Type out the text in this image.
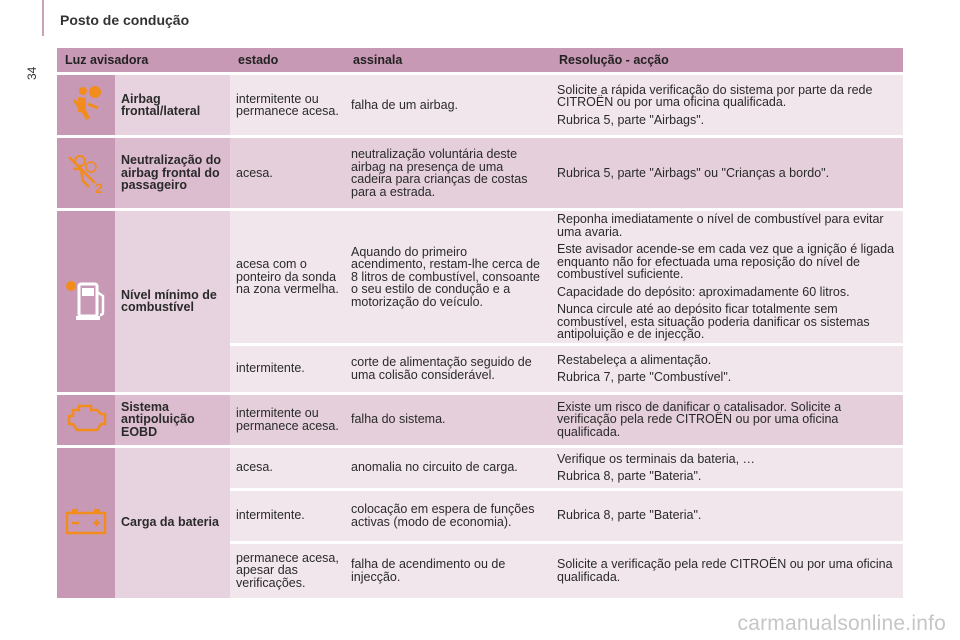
34
Posto de condução
Luz avisadora		estado	assinala	Resolução - acção
	Airbag frontal/lateral	intermitente ou permanece acesa.	falha de um airbag.	Solicite a rápida verificação do sistema por parte da rede CITROËN ou por uma oficina qualificada.

Rubrica 5, parte "Airbags".

2	Neutralização do airbag frontal do passageiro	acesa.	neutralização voluntária deste airbag na presença de uma cadeira para crianças de costas para a estrada.	Rubrica 5, parte "Airbags" ou "Crianças a bordo".

	Nível mínimo de combustível	acesa com o ponteiro da sonda na zona vermelha.	Aquando do primeiro acendimento, restam-lhe cerca de 8 litros de combustível, consoante o seu estilo de condução e a motorização do veículo.	Reponha imediatamente o nível de combustível para evitar uma avaria.

Este avisador acende-se em cada vez que a ignição é ligada enquanto não for efectuada uma reposição do nível de combustível suficiente.

Capacidade do depósito: aproximadamente 60 litros.

Nunca circule até ao depósito ficar totalmente sem combustível, esta situação poderia danificar os sistemas antipoluição e de injecção.

		intermitente.	corte de alimentação seguido de uma colisão considerável.	Restabeleça a alimentação.

Rubrica 7, parte "Combustível".

	Sistema antipoluição EOBD	intermitente ou permanece acesa.	falha do sistema.	Existe um risco de danificar o catalisador. Solicite a verificação pela rede CITROËN ou por uma oficina qualificada.

	Carga da bateria	acesa.	anomalia no circuito de carga.	Verifique os terminais da bateria, …

Rubrica 8, parte "Bateria".

		intermitente.	colocação em espera de funções activas (modo de economia).	Rubrica 8, parte "Bateria".

		permanece acesa, apesar das verificações.	falha de acendimento ou de injecção.	Solicite a verificação pela rede CITROËN ou por uma oficina qualificada.

carmanualsonline.info
